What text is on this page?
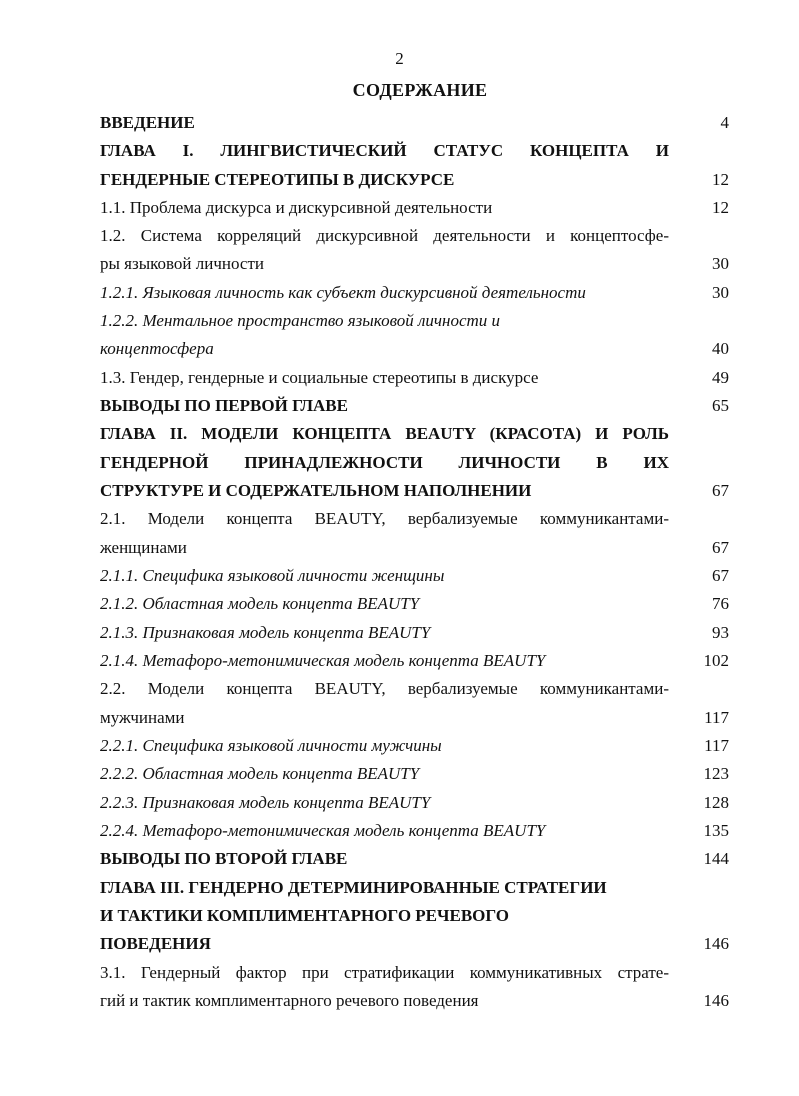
2
СОДЕРЖАНИЕ
ВВЕДЕНИЕ	4
ГЛАВА I. ЛИНГВИСТИЧЕСКИЙ СТАТУС КОНЦЕПТА И
ГЕНДЕРНЫЕ СТЕРЕОТИПЫ В ДИСКУРСЕ	12
1.1. Проблема дискурса и дискурсивной деятельности	12
1.2. Система корреляций дискурсивной деятельности и концептосфе-
ры языковой личности	30
1.2.1. Языковая личность как субъект дискурсивной деятельности	30
1.2.2. Ментальное пространство языковой личности и
концептосфера	40
1.3. Гендер, гендерные и социальные стереотипы в дискурсе	49
ВЫВОДЫ ПО ПЕРВОЙ ГЛАВЕ	65
ГЛАВА II. МОДЕЛИ КОНЦЕПТА BEAUTY (КРАСОТА) И РОЛЬ
ГЕНДЕРНОЙ ПРИНАДЛЕЖНОСТИ ЛИЧНОСТИ В ИХ
СТРУКТУРЕ И СОДЕРЖАТЕЛЬНОМ НАПОЛНЕНИИ	67
2.1. Модели концепта BEAUTY, вербализуемые коммуникантами-
женщинами	67
2.1.1. Специфика языковой личности женщины	67
2.1.2. Областная модель концепта BEAUTY	76
2.1.3. Признаковая модель концепта BEAUTY	93
2.1.4. Метафоро-метонимическая модель концепта BEAUTY	102
2.2. Модели концепта BEAUTY, вербализуемые коммуникантами-
мужчинами	117
2.2.1. Специфика языковой личности мужчины	117
2.2.2. Областная модель концепта BEAUTY	123
2.2.3. Признаковая модель концепта BEAUTY	128
2.2.4. Метафоро-метонимическая модель концепта BEAUTY	135
ВЫВОДЫ ПО ВТОРОЙ ГЛАВЕ	144
ГЛАВА III. ГЕНДЕРНО ДЕТЕРМИНИРОВАННЫЕ СТРАТЕГИИ
И ТАКТИКИ КОМПЛИМЕНТАРНОГО РЕЧЕВОГО
ПОВЕДЕНИЯ	146
3.1. Гендерный фактор при стратификации коммуникативных страте-
гий и тактик комплиментарного речевого поведения	146
